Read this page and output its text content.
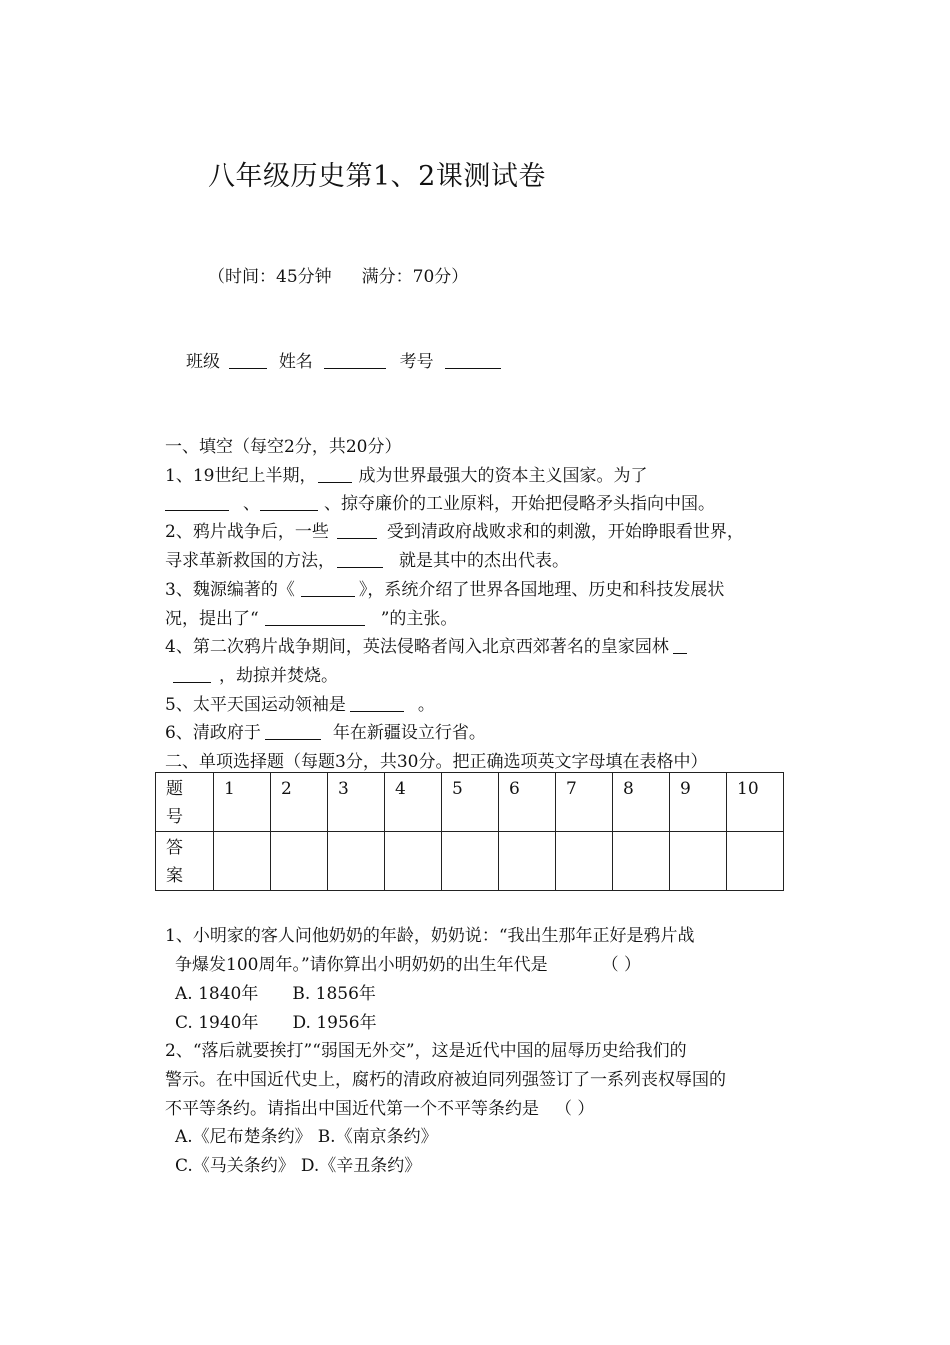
八年级历史第1、2课测试卷
（时间：45分钟 满分：70分）
班级	姓名	考号
一、填空（每空2分，共20分）
1、19世纪上半期， 成为世界最强大的资本主义国家。为了
、	、掠夺廉价的工业原料，开始把侵略矛头指向中国。
2、鸦片战争后，一些	受到清政府战败求和的刺激，开始睁眼看世界，
寻求革新救国的方法，	就是其中的杰出代表。
3、魏源编著的《	》，系统介绍了世界各国地理、历史和科技发展状
况，提出了“	”的主张。
4、第二次鸦片战争期间，英法侵略者闯入北京西郊著名的皇家园林
，劫掠并焚烧。
5、太平天国运动领袖是	。
6、清政府于	年在新疆设立行省。
二、单项选择题（每题3分，共30分。把正确选项英文字母填在表格中）
题
号	1	2	3	4	5	6	7	8	9	10
答
案										
1、小明家的客人问他奶奶的年龄，奶奶说：“我出生那年正好是鸦片战
争爆发100周年。”请你算出小明奶奶的出生年代是	（ ）
A. 1840年 B. 1856年
C. 1940年 D. 1956年
2、“落后就要挨打”“弱国无外交”，这是近代中国的屈辱历史给我们的
警示。在中国近代史上，腐朽的清政府被迫同列强签订了一系列丧权辱国的
不平等条约。请指出中国近代第一个不平等条约是 （ ）
A.《尼布楚条约》 B.《南京条约》
C.《马关条约》 D.《辛丑条约》
